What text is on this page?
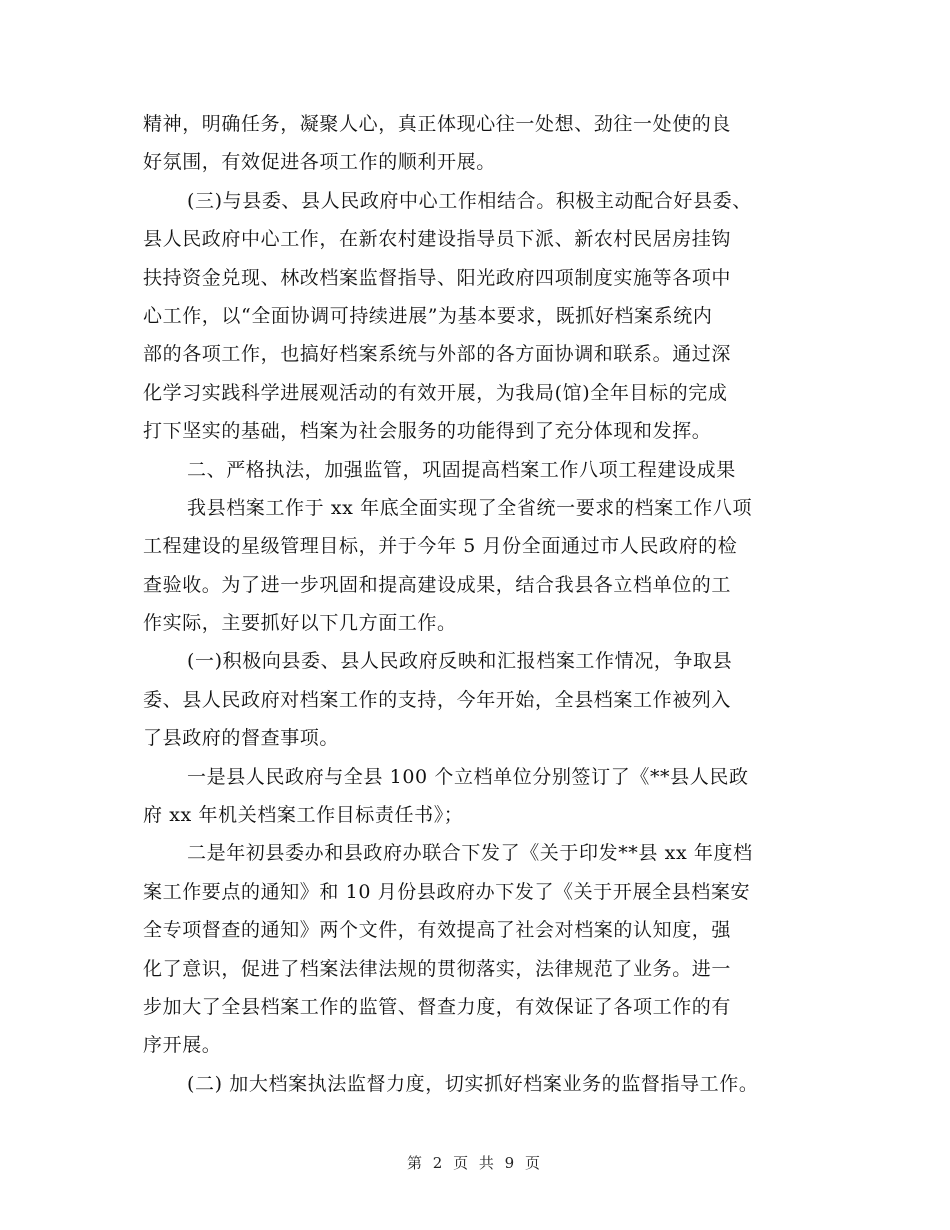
精神，明确任务，凝聚人心，真正体现心往一处想、劲往一处使的良
好氛围，有效促进各项工作的顺利开展。
(三)与县委、县人民政府中心工作相结合。积极主动配合好县委、
县人民政府中心工作，在新农村建设指导员下派、新农村民居房挂钩
扶持资金兑现、林改档案监督指导、阳光政府四项制度实施等各项中
心工作，以“全面协调可持续进展”为基本要求，既抓好档案系统内
部的各项工作，也搞好档案系统与外部的各方面协调和联系。通过深
化学习实践科学进展观活动的有效开展，为我局(馆)全年目标的完成
打下坚实的基础，档案为社会服务的功能得到了充分体现和发挥。
二、严格执法，加强监管，巩固提高档案工作八项工程建设成果
我县档案工作于 xx 年底全面实现了全省统一要求的档案工作八项
工程建设的星级管理目标，并于今年 5 月份全面通过市人民政府的检
查验收。为了进一步巩固和提高建设成果，结合我县各立档单位的工
作实际，主要抓好以下几方面工作。
(一)积极向县委、县人民政府反映和汇报档案工作情况，争取县
委、县人民政府对档案工作的支持，今年开始，全县档案工作被列入
了县政府的督查事项。
一是县人民政府与全县 100 个立档单位分别签订了《**县人民政
府 xx 年机关档案工作目标责任书》；
二是年初县委办和县政府办联合下发了《关于印发**县 xx 年度档
案工作要点的通知》和 10 月份县政府办下发了《关于开展全县档案安
全专项督查的通知》两个文件，有效提高了社会对档案的认知度，强
化了意识，促进了档案法律法规的贯彻落实，法律规范了业务。进一
步加大了全县档案工作的监管、督查力度，有效保证了各项工作的有
序开展。
(二) 加大档案执法监督力度，切实抓好档案业务的监督指导工作。
第 2 页 共 9 页
